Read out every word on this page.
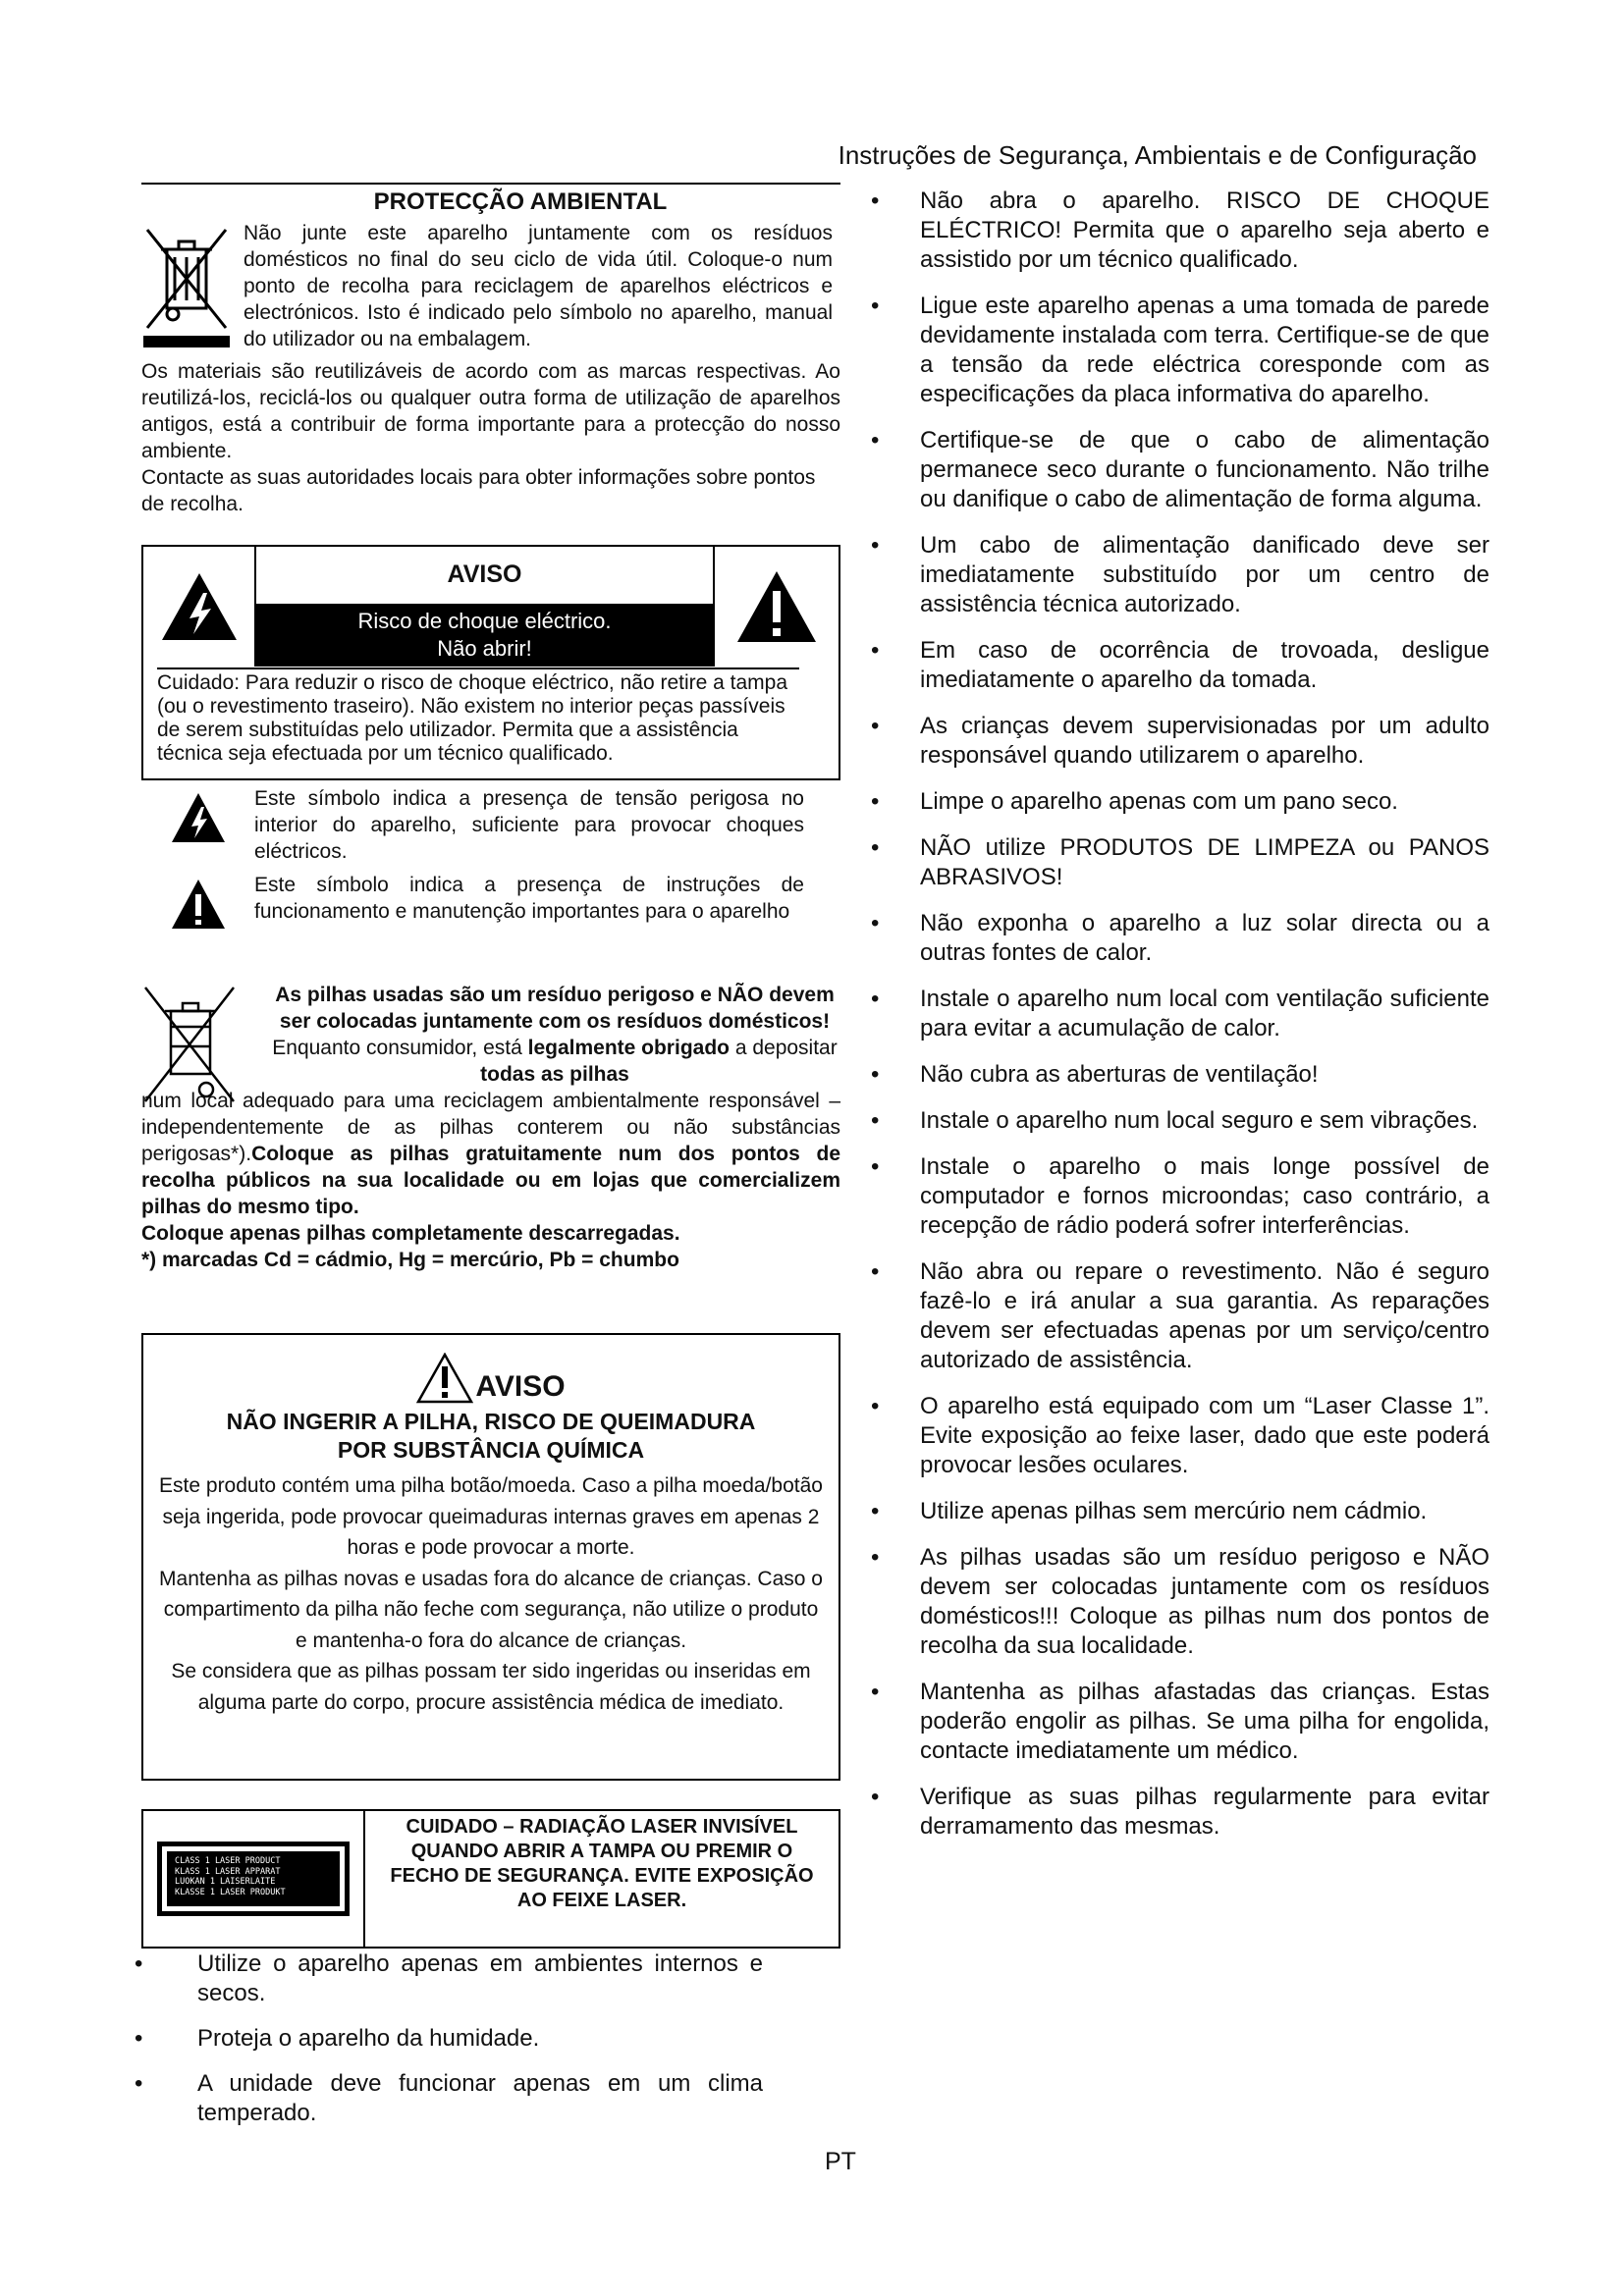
Instruções de Segurança, Ambientais e de Configuração
PROTECÇÃO AMBIENTAL
Não junte este aparelho juntamente com os resíduos domésticos no final do seu ciclo de vida útil. Coloque-o num ponto de recolha para reciclagem de aparelhos eléctricos e electrónicos. Isto é indicado pelo símbolo no aparelho, manual do utilizador ou na embalagem.
Os materiais são reutilizáveis de acordo com as marcas respectivas. Ao reutilizá-los, reciclá-los ou qualquer outra forma de utilização de aparelhos antigos, está a contribuir de forma importante para a protecção do nosso ambiente.
Contacte as suas autoridades locais para obter informações sobre pontos de recolha.
AVISO
Risco de choque eléctrico.
Não abrir!
Cuidado: Para reduzir o risco de choque eléctrico, não retire a tampa (ou o revestimento traseiro). Não existem no interior peças passíveis de serem substituídas pelo utilizador. Permita que a assistência técnica seja efectuada por um técnico qualificado.
Este símbolo indica a presença de tensão perigosa no interior do aparelho, suficiente para provocar choques eléctricos.
Este símbolo indica a presença de instruções de funcionamento e manutenção importantes para o aparelho
As pilhas usadas são um resíduo perigoso e NÃO devem ser colocadas juntamente com os resíduos domésticos! Enquanto consumidor, está legalmente obrigado a depositar todas as pilhas
num local adequado para uma reciclagem ambientalmente responsável – independentemente de as pilhas conterem ou não substâncias perigosas*).Coloque as pilhas gratuitamente num dos pontos de recolha públicos na sua localidade ou em lojas que comercializem pilhas do mesmo tipo.
Coloque apenas pilhas completamente descarregadas.
*) marcadas Cd = cádmio, Hg = mercúrio, Pb = chumbo
AVISO
NÃO INGERIR A PILHA, RISCO DE QUEIMADURA
POR SUBSTÂNCIA QUÍMICA
Este produto contém uma pilha botão/moeda. Caso a pilha moeda/botão seja ingerida, pode provocar queimaduras internas graves em apenas 2 horas e pode provocar a morte.
Mantenha as pilhas novas e usadas fora do alcance de crianças. Caso o compartimento da pilha não feche com segurança, não utilize o produto e mantenha-o fora do alcance de crianças.
Se considera que as pilhas possam ter sido ingeridas ou inseridas em alguma parte do corpo, procure assistência médica de imediato.
CLASS 1 LASER PRODUCT
KLASS 1 LASER APPARAT
LUOKAN 1 LAISERLAITE
KLASSE 1 LASER PRODUKT
CUIDADO – RADIAÇÃO LASER INVISÍVEL QUANDO ABRIR A TAMPA OU PREMIR O FECHO DE SEGURANÇA. EVITE EXPOSIÇÃO AO FEIXE LASER.
•	Utilize o aparelho apenas em ambientes internos e secos.
•	Proteja o aparelho da humidade.
•	A unidade deve funcionar apenas em um clima temperado.
•	Não abra o aparelho. RISCO DE CHOQUE ELÉCTRICO! Permita que o aparelho seja aberto e assistido por um técnico qualificado.
•	Ligue este aparelho apenas a uma tomada de parede devidamente instalada com terra. Certifique-se de que a tensão da rede eléctrica coresponde com as especificações da placa informativa do aparelho.
•	Certifique-se de que o cabo de alimentação permanece seco durante o funcionamento. Não trilhe ou danifique o cabo de alimentação de forma alguma.
•	Um cabo de alimentação danificado deve ser imediatamente substituído por um centro de assistência técnica autorizado.
•	Em caso de ocorrência de trovoada, desligue imediatamente o aparelho da tomada.
•	As crianças devem supervisionadas por um adulto responsável quando utilizarem o aparelho.
•	Limpe o aparelho apenas com um pano seco.
•	NÃO utilize PRODUTOS DE LIMPEZA ou PANOS ABRASIVOS!
•	Não exponha o aparelho a luz solar directa ou a outras fontes de calor.
•	Instale o aparelho num local com ventilação suficiente para evitar a acumulação de calor.
•	Não cubra as aberturas de ventilação!
•	Instale o aparelho num local seguro e sem vibrações.
•	Instale o aparelho o mais longe possível de computador e fornos microondas; caso contrário, a recepção de rádio poderá sofrer interferências.
•	Não abra ou repare o revestimento. Não é seguro fazê-lo e irá anular a sua garantia. As reparações devem ser efectuadas apenas por um serviço/centro autorizado de assistência.
•	O aparelho está equipado com um “Laser Classe 1”. Evite exposição ao feixe laser, dado que este poderá provocar lesões oculares.
•	Utilize apenas pilhas sem mercúrio nem cádmio.
•	As pilhas usadas são um resíduo perigoso e NÃO devem ser colocadas juntamente com os resíduos domésticos!!! Coloque as pilhas num dos pontos de recolha da sua localidade.
•	Mantenha as pilhas afastadas das crianças. Estas poderão engolir as pilhas. Se uma pilha for engolida, contacte imediatamente um médico.
•	Verifique as suas pilhas regularmente para evitar derramamento das mesmas.
PT
